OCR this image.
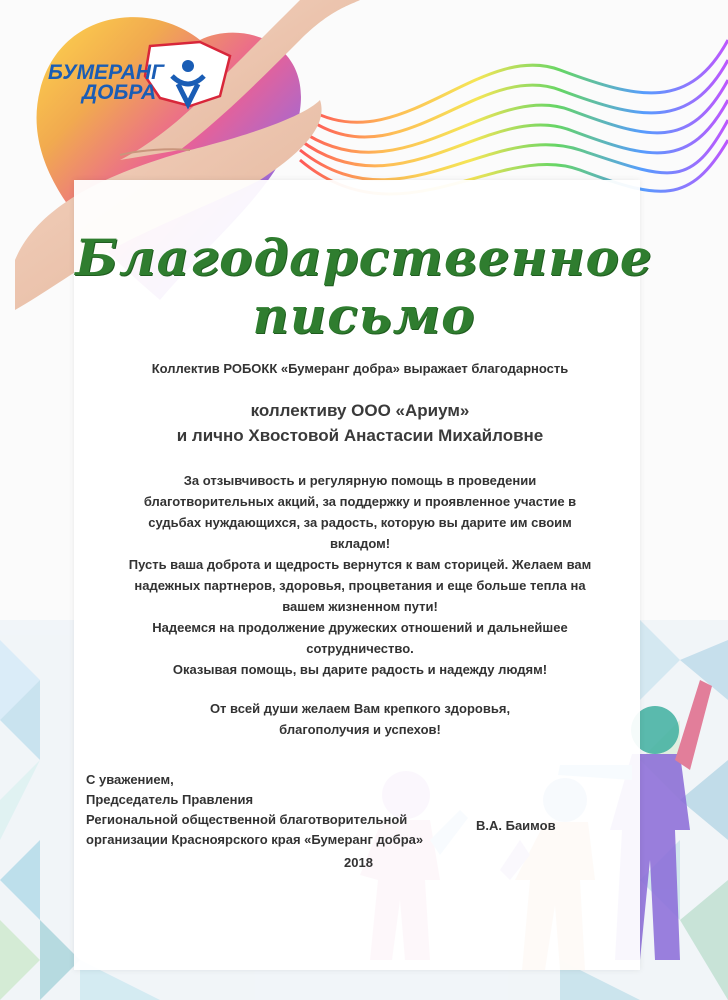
БУМЕРАНГ
ДОБРА
Благодарственное
письмо
Коллектив РОБОКК «Бумеранг добра» выражает благодарность
коллективу ООО «Ариум»
и лично Хвостовой Анастасии Михайловне
За отзывчивость и регулярную помощь в проведении
благотворительных акций, за поддержку и проявленное участие в
судьбах нуждающихся, за радость, которую вы дарите им своим
вкладом!
Пусть ваша доброта и щедрость вернутся к вам сторицей. Желаем вам
надежных партнеров, здоровья, процветания и еще больше тепла на
вашем жизненном пути!
Надеемся на продолжение дружеских отношений и дальнейшее
сотрудничество.
Оказывая помощь, вы дарите радость и надежду людям!
От всей души желаем Вам крепкого здоровья,
благополучия и успехов!
С уважением,
Председатель Правления
Региональной общественной благотворительной
организации Красноярского края «Бумеранг добра»
В.А. Баимов
2018
